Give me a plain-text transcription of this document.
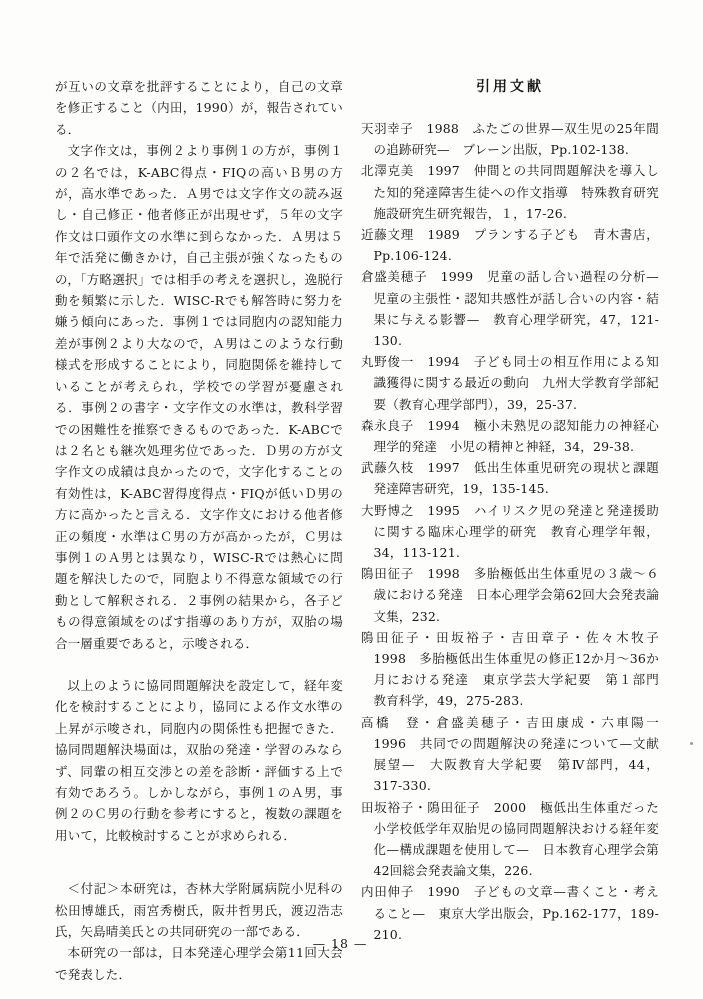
が互いの文章を批評することにより，自己の文章を修正すること（内田，1990）が，報告されている．

文字作文は，事例２より事例１の方が，事例１の２名では，K-ABC得点・FIQの高いＢ男の方が，高水準であった．Ａ男では文字作文の読み返し・自己修正・他者修正が出現せず，５年の文字作文は口頭作文の水準に到らなかった．Ａ男は５年で活発に働きかけ，自己主張が強くなったものの，「方略選択」では相手の考えを選択し，逸脱行動を頻繁に示した．WISC-Rでも解答時に努力を嫌う傾向にあった．事例１では同胞内の認知能力差が事例２より大なので，Ａ男はこのような行動様式を形成することにより，同胞関係を維持していることが考えられ，学校での学習が憂慮される．事例２の書字・文字作文の水準は，教科学習での困難性を推察できるものであった．K-ABCでは２名とも継次処理劣位であった．Ｄ男の方が文字作文の成績は良かったので，文字化することの有効性は，K-ABC習得度得点・FIQが低いＤ男の方に高かったと言える．文字作文における他者修正の頻度・水準はＣ男の方が高かったが，Ｃ男は事例１のＡ男とは異なり，WISC-Rでは熱心に問題を解決したので，同胞より不得意な領域での行動として解釈される．２事例の結果から，各子どもの得意領域をのばす指導のあり方が，双胎の場合一層重要であると，示唆される．

以上のように協同問題解決を設定して，経年変化を検討することにより，協同による作文水準の上昇が示唆され，同胞内の関係性も把握できた．協同問題解決場面は，双胎の発達・学習のみならず、同輩の相互交渉との差を診断・評価する上で有効であろう。しかしながら，事例１のＡ男，事例２のＣ男の行動を参考にすると，複数の課題を用いて，比較検討することが求められる．

＜付記＞本研究は，杏林大学附属病院小児科の松田博雄氏，雨宮秀樹氏，阪井哲男氏，渡辺浩志氏，矢島晴美氏との共同研究の一部である．

本研究の一部は，日本発達心理学会第11回大会で発表した．

引用文献

天羽幸子　1988　ふたごの世界—双生児の25年間の追跡研究—　ブレーン出版，Pp.102-138.

北澤克美　1997　仲間との共同問題解決を導入した知的発達障害生徒への作文指導　特殊教育研究施設研究生研究報告，１，17-26.

近藤文理　1989　プランする子ども　青木書店，Pp.106-124.

倉盛美穂子　1999　児童の話し合い過程の分析—児童の主張性・認知共感性が話し合いの内容・結果に与える影響—　教育心理学研究，47，121-130.

丸野俊一　1994　子ども同士の相互作用による知識獲得に関する最近の動向　九州大学教育学部紀要（教育心理学部門），39，25-37.

森永良子　1994　極小未熟児の認知能力の神経心理学的発達　小児の精神と神経，34，29-38.

武藤久枝　1997　低出生体重児研究の現状と課題　発達障害研究，19，135-145.

大野博之　1995　ハイリスク児の発達と発達援助に関する臨床心理学的研究　教育心理学年報，34，113-121.

隝田征子　1998　多胎極低出生体重児の３歳～６歳における発達　日本心理学会第62回大会発表論文集，232.

隝田征子・田坂裕子・吉田章子・佐々木牧子　1998　多胎極低出生体重児の修正12か月～36か月における発達　東京学芸大学紀要　第１部門　教育科学，49，275-283.

高橋　登・倉盛美穂子・吉田康成・六車陽一　1996　共同での問題解決の発達について—文献展望—　大阪教育大学紀要　第Ⅳ部門，44，317-330.

田坂裕子・隝田征子　2000　極低出生体重だった小学校低学年双胎児の協同問題解決おける経年変化—構成課題を使用して—　日本教育心理学会第42回総会発表論文集，226.

内田伸子　1990　子どもの文章—書くこと・考えること—　東京大学出版会，Pp.162-177，189-210.

— 18 —
